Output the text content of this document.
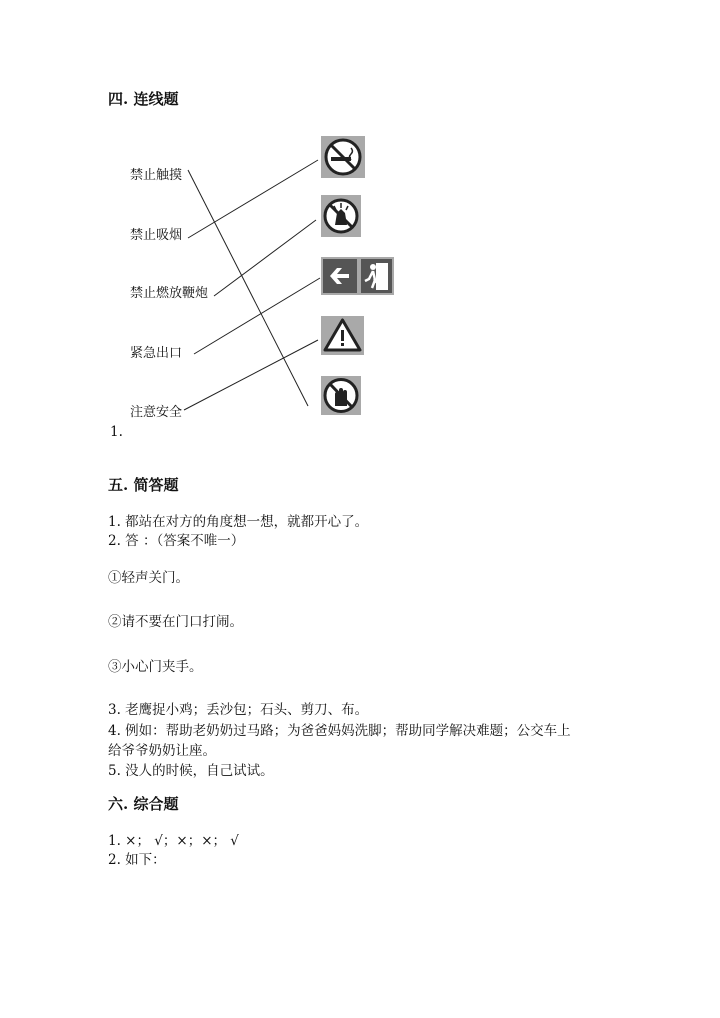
四. 连线题
禁止触摸
禁止吸烟
禁止燃放鞭炮
紧急出口
注意安全
1.
五. 简答题
1. 都站在对方的角度想一想，就都开心了。
2. 答 ：（答案不唯一）
①轻声关门。
②请不要在门口打闹。
③小心门夹手。
3. 老鹰捉小鸡；丢沙包；石头、剪刀、布。
4. 例如：帮助老奶奶过马路；为爸爸妈妈洗脚；帮助同学解决难题；公交车上
给爷爷奶奶让座。
5. 没人的时候，自己试试。
六. 综合题
1. ×； √；×；×； √
2. 如下：
